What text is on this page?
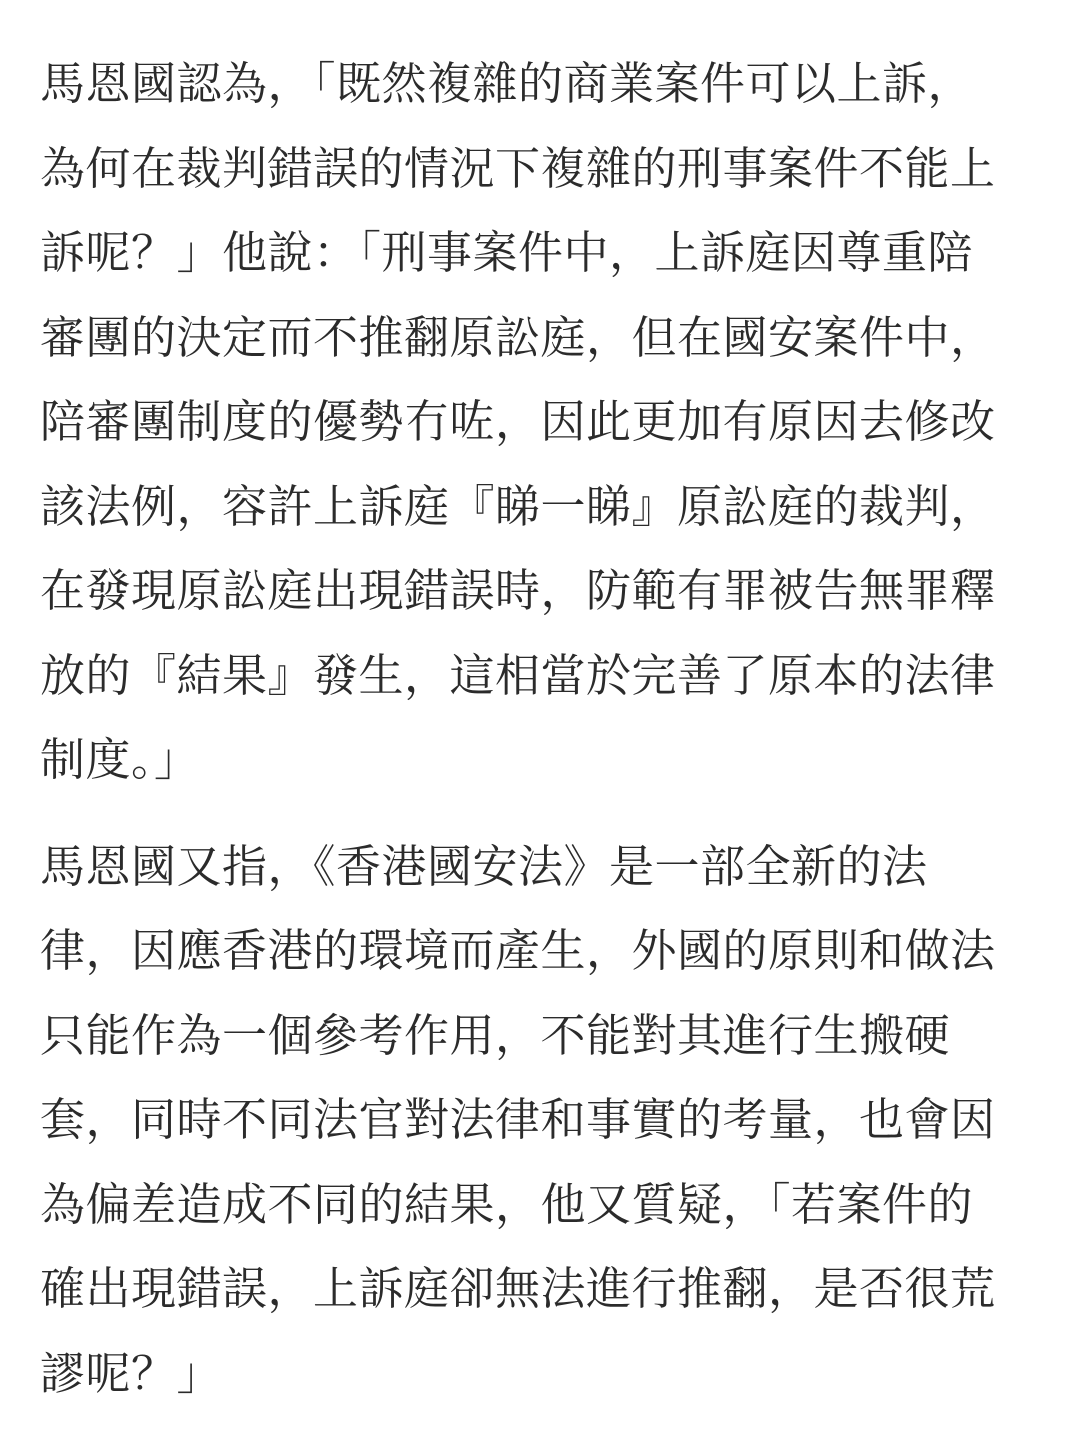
馬恩國認為，「既然複雜的商業案件可以上訴，
為何在裁判錯誤的情況下複雜的刑事案件不能上
訴呢？」他說：「刑事案件中，上訴庭因尊重陪
審團的決定而不推翻原訟庭，但在國安案件中，
陪審團制度的優勢冇咗，因此更加有原因去修改
該法例，容許上訴庭『睇一睇』原訟庭的裁判，
在發現原訟庭出現錯誤時，防範有罪被告無罪釋
放的『結果』發生，這相當於完善了原本的法律
制度。」

馬恩國又指，《香港國安法》是一部全新的法
律，因應香港的環境而產生，外國的原則和做法
只能作為一個參考作用，不能對其進行生搬硬
套，同時不同法官對法律和事實的考量，也會因
為偏差造成不同的結果，他又質疑，「若案件的
確出現錯誤，上訴庭卻無法進行推翻，是否很荒
謬呢？」
